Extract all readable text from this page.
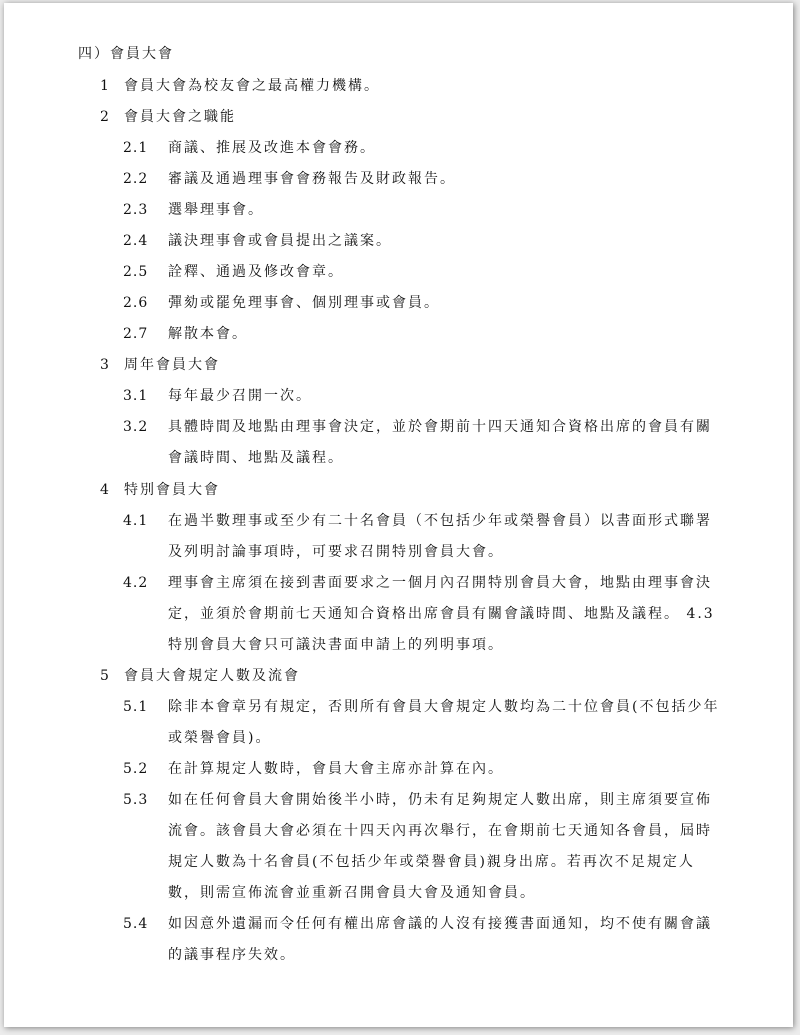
四）會員大會
1 會員大會為校友會之最高權力機構。
2 會員大會之職能
2.1 商議、推展及改進本會會務。
2.2 審議及通過理事會會務報告及財政報告。
2.3 選舉理事會。
2.4 議決理事會或會員提出之議案。
2.5 詮釋、通過及修改會章。
2.6 彈劾或罷免理事會、個別理事或會員。
2.7 解散本會。
3 周年會員大會
3.1 每年最少召開一次。
3.2 具體時間及地點由理事會決定，並於會期前十四天通知合資格出席的會員有關
會議時間、地點及議程。
4 特別會員大會
4.1 在過半數理事或至少有二十名會員（不包括少年或榮譽會員）以書面形式聯署
及列明討論事項時，可要求召開特別會員大會。
4.2 理事會主席須在接到書面要求之一個月內召開特別會員大會，地點由理事會決
定，並須於會期前七天通知合資格出席會員有關會議時間、地點及議程。 4.3
特別會員大會只可議決書面申請上的列明事項。
5 會員大會規定人數及流會
5.1 除非本會章另有規定，否則所有會員大會規定人數均為二十位會員(不包括少年
或榮譽會員)。
5.2 在計算規定人數時，會員大會主席亦計算在內。
5.3 如在任何會員大會開始後半小時，仍未有足夠規定人數出席，則主席須要宣佈
流會。該會員大會必須在十四天內再次舉行，在會期前七天通知各會員，屆時
規定人數為十名會員(不包括少年或榮譽會員)親身出席。若再次不足規定人
數，則需宣佈流會並重新召開會員大會及通知會員。
5.4 如因意外遺漏而令任何有權出席會議的人沒有接獲書面通知，均不使有關會議
的議事程序失效。
